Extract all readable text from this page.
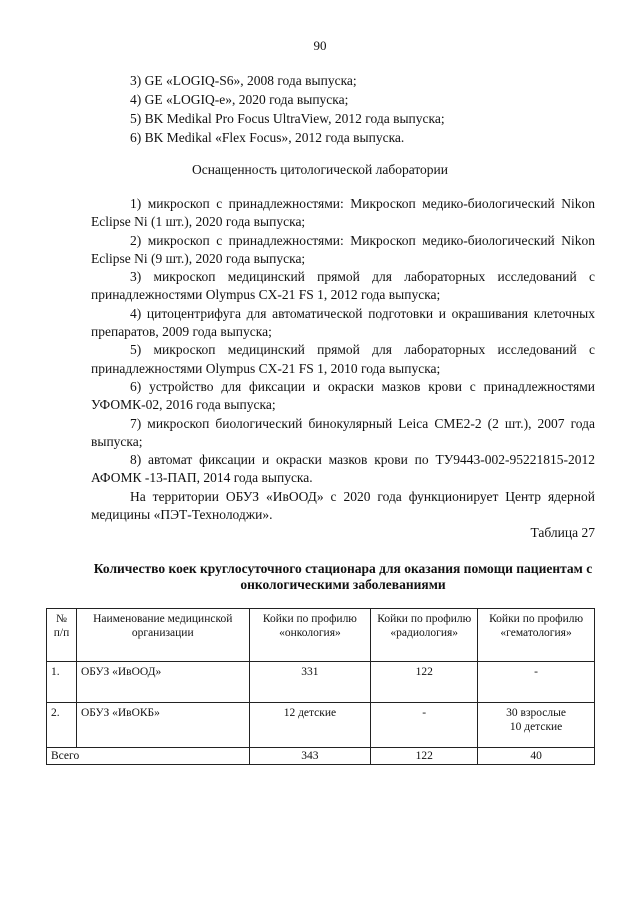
90
3) GE «LOGIQ-S6», 2008 года выпуска;
4) GE «LOGIQ-e», 2020 года выпуска;
5) BK Medikal Pro Focus UltraView, 2012 года выпуска;
6) BK Medikal «Flex Focus», 2012 года выпуска.
Оснащенность цитологической лаборатории
1) микроскоп с принадлежностями: Микроскоп медико-биологический Nikon Eclipse Ni (1 шт.), 2020 года выпуска;
2) микроскоп с принадлежностями: Микроскоп медико-биологический Nikon Eclipse Ni (9 шт.), 2020 года выпуска;
3) микроскоп медицинский прямой для лабораторных исследований с принадлежностями Olympus CX-21 FS 1, 2012 года выпуска;
4) цитоцентрифуга для автоматической подготовки и окрашивания клеточных препаратов, 2009 года выпуска;
5) микроскоп медицинский прямой для лабораторных исследований с принадлежностями Olympus CX-21 FS 1, 2010 года выпуска;
6) устройство для фиксации и окраски мазков крови с принадлежностями УФОМК-02, 2016 года выпуска;
7) микроскоп биологический бинокулярный Leica CME2-2 (2 шт.), 2007 года выпуска;
8) автомат фиксации и окраски мазков крови по ТУ9443-002-95221815-2012 АФОМК -13-ПАП, 2014 года выпуска.
На территории ОБУЗ «ИвООД» с 2020 года функционирует Центр ядерной медицины «ПЭТ-Технолоджи».
Таблица 27
Количество коек круглосуточного стационара для оказания помощи пациентам с онкологическими заболеваниями
№ п/п	Наименование медицинской организации	Койки по профилю «онкология»	Койки по профилю «радиология»	Койки по профилю «гематология»
1.	ОБУЗ «ИвООД»	331	122	-

2.	ОБУЗ «ИвОКБ»	12 детские	-	30 взрослые
10 детские

Всего		343	122	40
